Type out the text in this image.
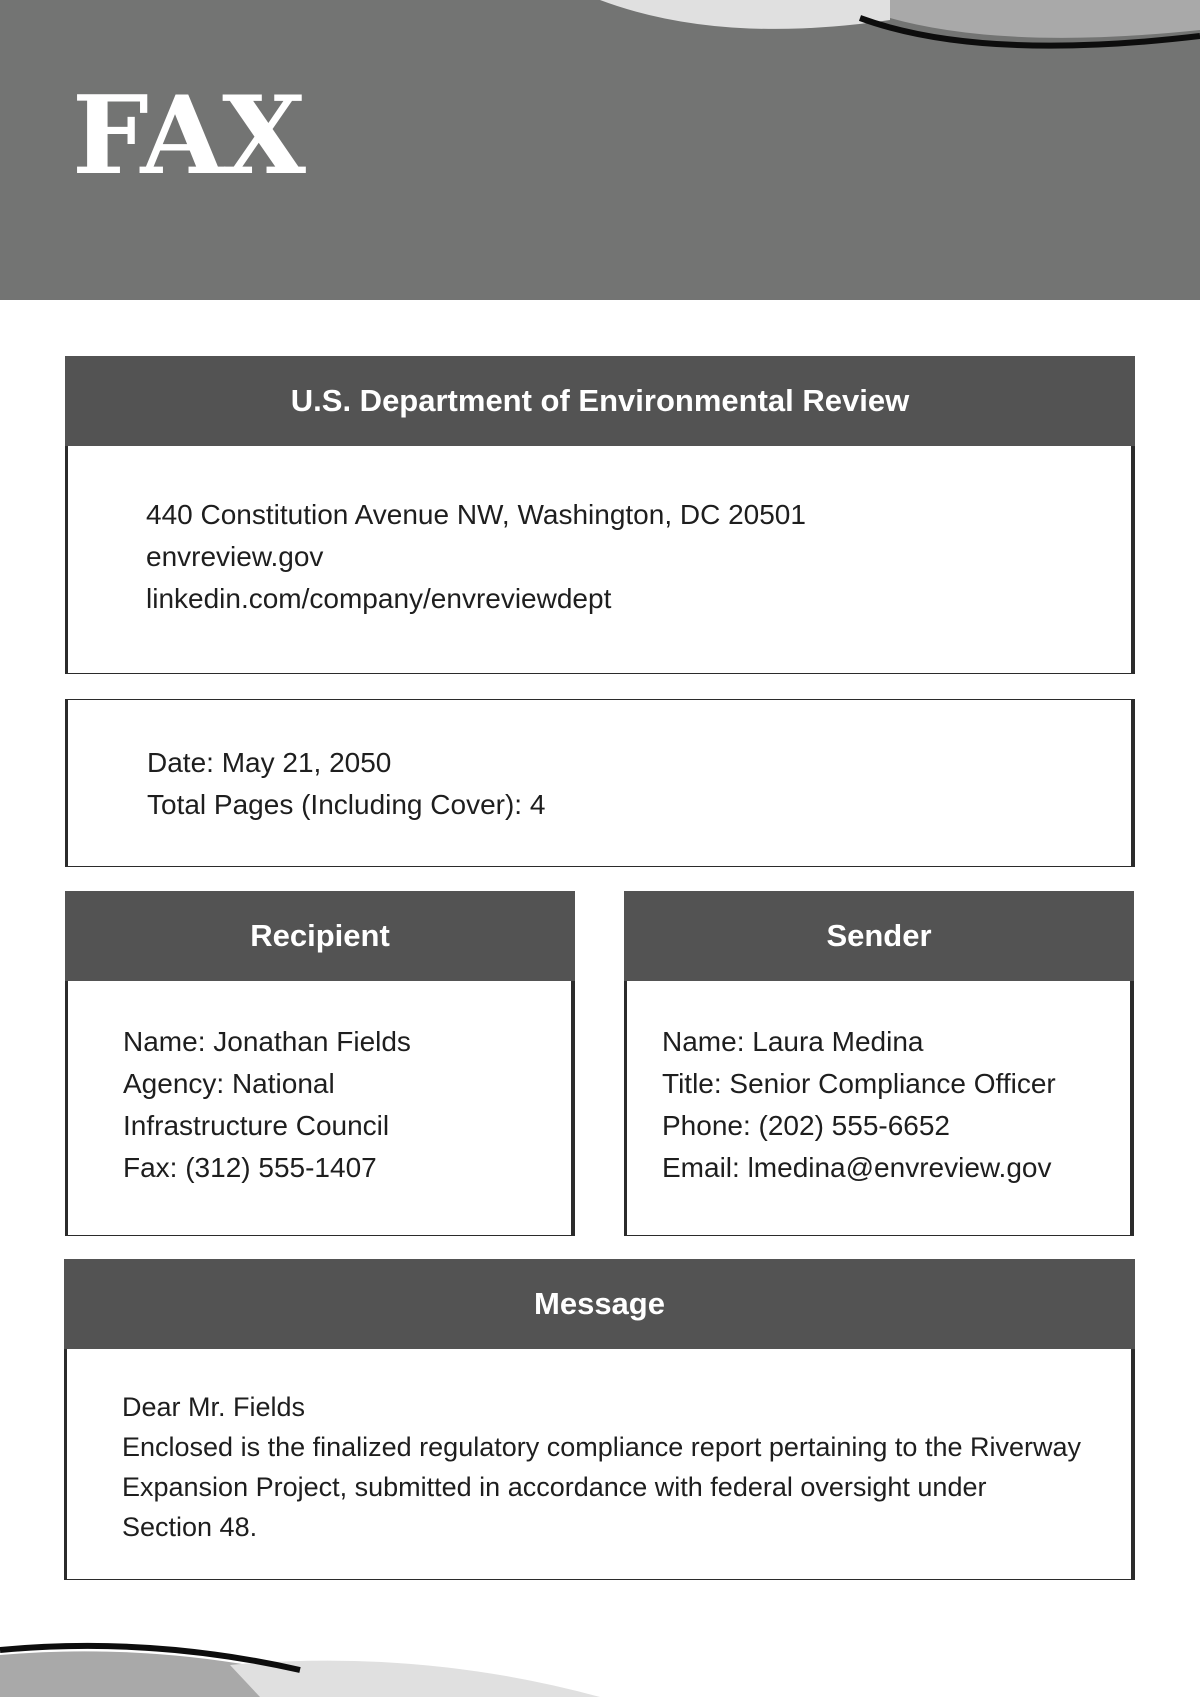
FAX
U.S. Department of Environmental Review
440 Constitution Avenue NW, Washington, DC 20501
envreview.gov
linkedin.com/company/envreviewdept
Date: May 21, 2050
Total Pages (Including Cover): 4
Recipient
Name: Jonathan Fields
Agency: National
Infrastructure Council
Fax: (312) 555-1407
Sender
Name: Laura Medina
Title: Senior Compliance Officer
Phone: (202) 555-6652
Email: lmedina@envreview.gov
Message
Dear Mr. Fields
Enclosed is the finalized regulatory compliance report pertaining to the Riverway Expansion Project, submitted in accordance with federal oversight under Section 48.
